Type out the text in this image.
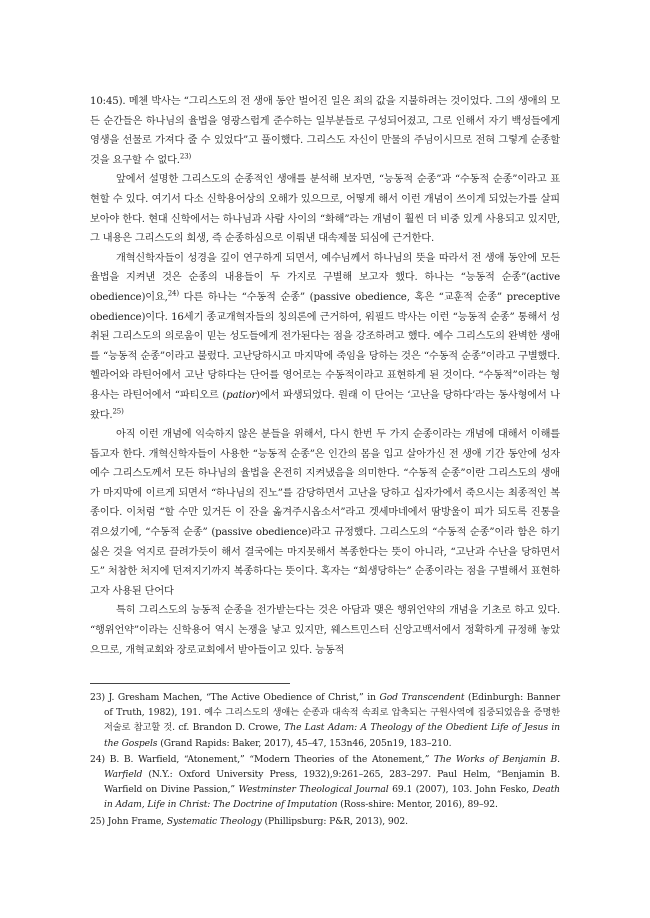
10:45). 메첸 박사는 “그리스도의 전 생애 동안 벌어진 일은 죄의 값을 지불하려는 것이었다. 그의 생애의 모든 순간들은 하나님의 율법을 영광스럽게 준수하는 일부분들로 구성되어졌고, 그로 인해서 자기 백성들에게 영생을 선물로 가져다 줄 수 있었다”고 풀이했다. 그리스도 자신이 만물의 주님이시므로 전혀 그렇게 순종할 것을 요구할 수 없다.$^{23)}$

앞에서 설명한 그리스도의 순종적인 생애를 분석해 보자면, “능동적 순종”과 “수동적 순종”이라고 표현할 수 있다. 여기서 다소 신학용어상의 오해가 있으므로, 어떻게 해서 이런 개념이 쓰이게 되었는가를 살피보아야 한다. 현대 신학에서는 하나님과 사람 사이의 “화해”라는 개념이 훨씬 더 비중 있게 사용되고 있지만, 그 내용은 그리스도의 희생, 즉 순종하심으로 이뤄낸 대속제물 되심에 근거한다.

개혁신학자들이 성경을 깊이 연구하게 되면서, 예수님께서 하나님의 뜻을 따라서 전 생애 동안에 모든 율법을 지켜낸 것은 순종의 내용들이 두 가지로 구별해 보고자 했다. 하나는 “능동적 순종”(active obedience)이요,$^{24)}$ 다른 하나는 “수동적 순종” (passive obedience, 혹은 “교훈적 순종” preceptive obedience)이다. 16세기 종교개혁자들의 칭의론에 근거하여, 워필드 박사는 이런 “능동적 순종” 통해서 성취된 그리스도의 의로움이 믿는 성도들에게 전가된다는 점을 강조하려고 했다. 예수 그리스도의 완벽한 생애를 “능동적 순종”이라고 불렀다. 고난당하시고 마지막에 죽임을 당하는 것은 “수동적 순종”이라고 구별했다. 헬라어와 라틴어에서 고난 당하다는 단어를 영어로는 수동적이라고 표현하게 된 것이다. “수동적”이라는 형용사는 라틴어에서 “파티오르 (patior)에서 파생되었다. 원래 이 단어는 ‘고난을 당하다’라는 동사형에서 나왔다.$^{25)}$

아직 이런 개념에 익숙하지 않은 분들을 위해서, 다시 한번 두 가지 순종이라는 개념에 대해서 이해를 돕고자 한다. 개혁신학자들이 사용한 “능동적 순종”은 인간의 몸을 입고 살아가신 전 생애 기간 동안에 성자 예수 그리스도께서 모든 하나님의 율법을 온전히 지켜냈음을 의미한다. “수동적 순종”이란 그리스도의 생애가 마지막에 이르게 되면서 “하나님의 진노”를 감당하면서 고난을 당하고 십자가에서 죽으시는 최종적인 복종이다. 이처럼 “할 수만 있거든 이 잔을 옮겨주시옵소서”라고 겟세마네에서 땀방울이 피가 되도록 진통을 겪으셨기에, “수동적 순종” (passive obedience)라고 규정했다. 그리스도의 “수동적 순종”이라 함은 하기 싫은 것을 억지로 끌려가듯이 해서 결국에는 마지못해서 복종한다는 뜻이 아니라, “고난과 수난을 당하면서도” 처참한 처지에 던져지기까지 복종하다는 뜻이다. 혹자는 “희생당하는” 순종이라는 점을 구별해서 표현하고자 사용된 단어다

특히 그리스도의 능동적 순종을 전가받는다는 것은 아담과 맺은 행위언약의 개념을 기초로 하고 있다. “행위언약”이라는 신학용어 역시 논쟁을 낳고 있지만, 웨스트민스터 신앙고백서에서 정확하게 규정해 놓았으므로, 개혁교회와 장로교회에서 받아들이고 있다. 능동적

23) J. Gresham Machen, “The Active Obedience of Christ,” in God Transcendent (Edinburgh: Banner of Truth, 1982), 191. 예수 그리스도의 생애는 순종과 대속적 속죄로 압축되는 구원사역에 집중되었음을 증명한 저술로 참고할 것. cf. Brandon D. Crowe, The Last Adam: A Theology of the Obedient Life of Jesus in the Gospels (Grand Rapids: Baker, 2017), 45–47, 153n46, 205n19, 183–210.

24) B. B. Warfield, “Atonement,” “Modern Theories of the Atonement,” The Works of Benjamin B. Warfield (N.Y.: Oxford University Press, 1932),9:261–265, 283–297. Paul Helm, “Benjamin B. Warfield on Divine Passion,” Westminster Theological Journal 69.1 (2007), 103. John Fesko, Death in Adam, Life in Christ: The Doctrine of Imputation (Ross-shire: Mentor, 2016), 89–92.

25) John Frame, Systematic Theology (Phillipsburg: P&R, 2013), 902.
